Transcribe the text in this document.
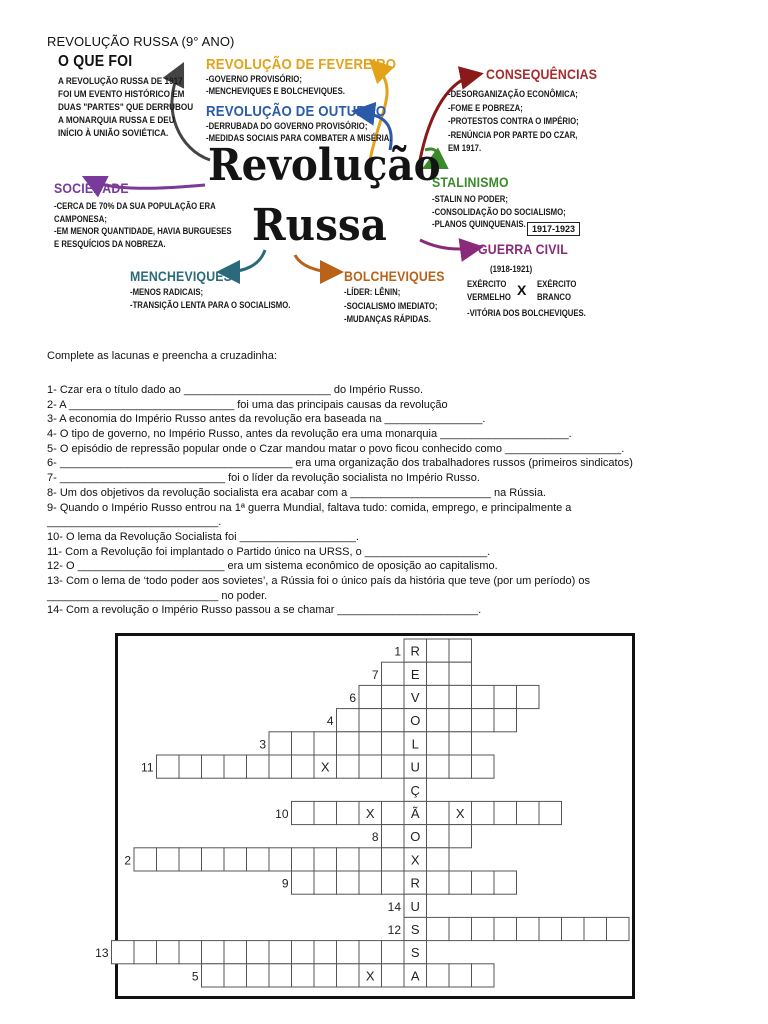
REVOLUÇÃO RUSSA (9° ANO)
O QUE FOI
A REVOLUÇÃO RUSSA DE 1917
FOI UM EVENTO HISTÓRICO EM
DUAS "PARTES" QUE DERRUBOU
A MONARQUIA RUSSA E DEU
INÍCIO À UNIÃO SOVIÉTICA.
REVOLUÇÃO DE FEVEREIRO
-GOVERNO PROVISÓRIO;
-MENCHEVIQUES E BOLCHEVIQUES.
REVOLUÇÃO DE OUTUBRO
-DERRUBADA DO GOVERNO PROVISÓRIO;
-MEDIDAS SOCIAIS PARA COMBATER A MISÉRIA.
CONSEQUÊNCIAS
-DESORGANIZAÇÃO ECONÔMICA;
-FOME E POBREZA;
-PROTESTOS CONTRA O IMPÉRIO;
-RENÚNCIA POR PARTE DO CZAR,
EM 1917.
STALINISMO
-STALIN NO PODER;
-CONSOLIDAÇÃO DO SOCIALISMO;
-PLANOS QUINQUENAIS. 1917-1923
SOCIEDADE
-CERCA DE 70% DA SUA POPULAÇÃO ERA
CAMPONESA;
-EM MENOR QUANTIDADE, HAVIA BURGUESES
E RESQUÍCIOS DA NOBREZA.
MENCHEVIQUES
-MENOS RADICAIS;
-TRANSIÇÃO LENTA PARA O SOCIALISMO.
BOLCHEVIQUES
-LÍDER: LÊNIN;
-SOCIALISMO IMEDIATO;
-MUDANÇAS RÁPIDAS.
GUERRA CIVIL
(1918-1921)
EXÉRCITO
VERMELHO X EXÉRCITO
BRANCO
-VITÓRIA DOS BOLCHEVIQUES.
Revolução
Russa
Complete as lacunas e preencha a cruzadinha:
1- Czar era o título dado ao ________________________ do Império Russo.
2- A ___________________________ foi uma das principais causas da revolução
3- A economia do Império Russo antes da revolução era baseada na ________________.
4- O tipo de governo, no Império Russo, antes da revolução era uma monarquia _____________________.
5- O episódio de repressão popular onde o Czar mandou matar o povo ficou conhecido como ___________________.
6- ______________________________________ era uma organização dos trabalhadores russos (primeiros sindicatos)
7- ___________________________ foi o líder da revolução socialista no Império Russo.
8- Um dos objetivos da revolução socialista era acabar com a _______________________ na Rússia.
9- Quando o Império Russo entrou na 1ª guerra Mundial, faltava tudo: comida, emprego, e principalmente a
____________________________.
10- O lema da Revolução Socialista foi ___________________.
11- Com a Revolução foi implantado o Partido único na URSS, o ____________________.
12- O ________________________ era um sistema econômico de oposição ao capitalismo.
13- Com o lema de ‘todo poder aos sovietes’, a Rússia foi o único país da história que teve (por um período) os
____________________________ no poder.
14- Com a revolução o Império Russo passou a se chamar _______________________.
R
1
E
7
V
6
O
4
L
3
U
X
11
Ç
Ã
X	X
10
O
8
X
2
R
9
U
14
S
12
S
13
A
X
5
